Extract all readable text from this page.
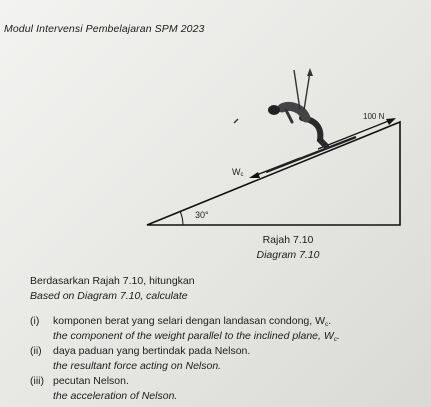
Modul Intervensi Pembelajaran SPM 2023
100 N
Wc
30°
Rajah 7.10
Diagram 7.10
Berdasarkan Rajah 7.10, hitungkan
Based on Diagram 7.10, calculate
(i) komponen berat yang selari dengan landasan condong, Wc.
the component of the weight parallel to the inclined plane, Wc.
(ii) daya paduan yang bertindak pada Nelson.
the resultant force acting on Nelson.
(iii) pecutan Nelson.
the acceleration of Nelson.
